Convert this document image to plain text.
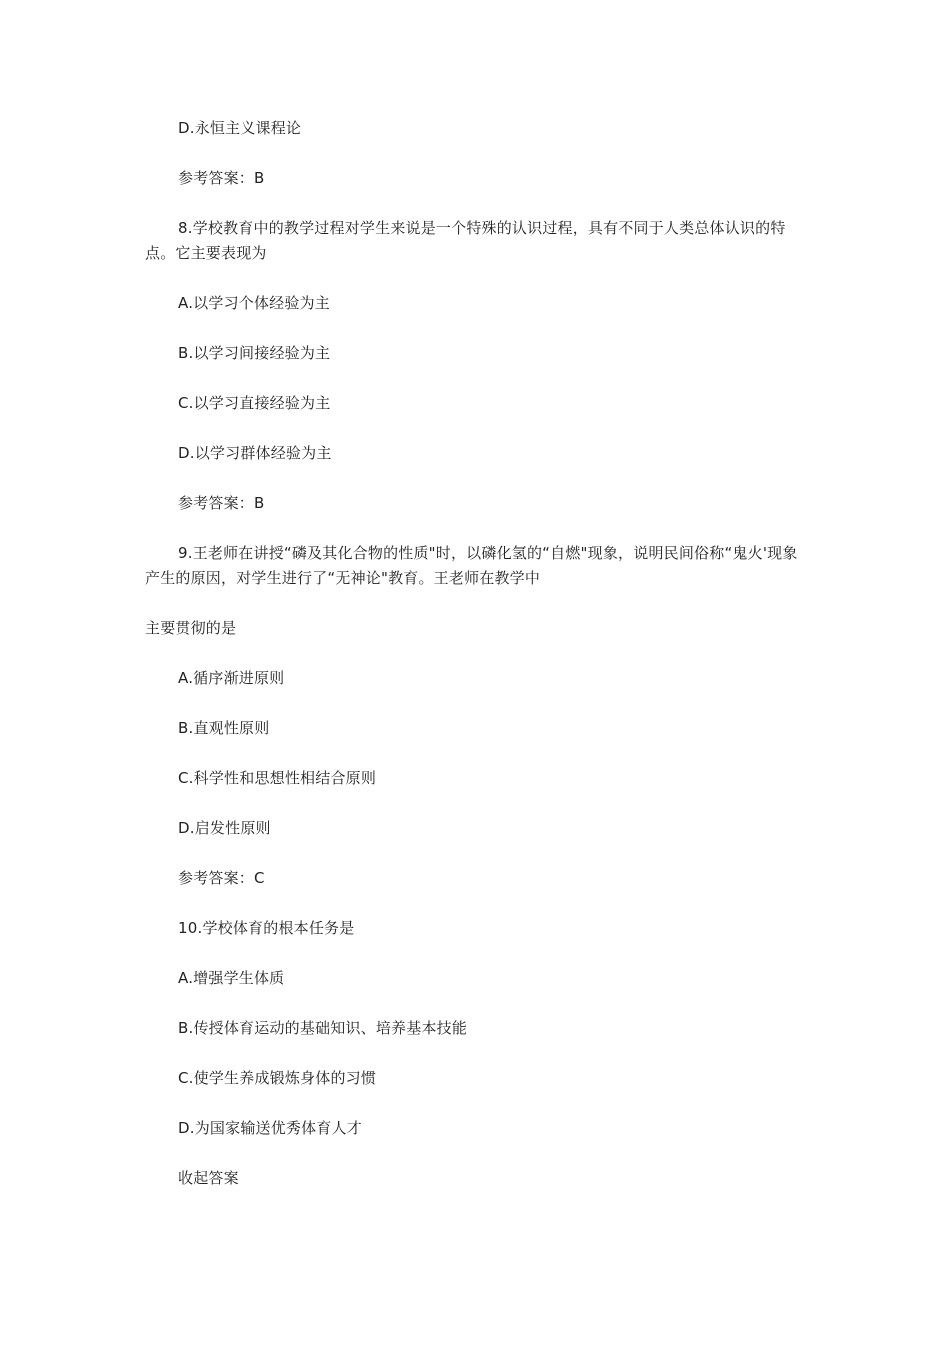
D.永恒主义课程论
参考答案：B
8.学校教育中的教学过程对学生来说是一个特殊的认识过程，具有不同于人类总体认识的特点。它主要表现为
A.以学习个体经验为主
B.以学习间接经验为主
C.以学习直接经验为主
D.以学习群体经验为主
参考答案：B
9.王老师在讲授“磷及其化合物的性质"时，以磷化氢的“自燃"现象，说明民间俗称“鬼火'现象产生的原因，对学生进行了“无神论"教育。王老师在教学中
主要贯彻的是
A.循序渐进原则
B.直观性原则
C.科学性和思想性相结合原则
D.启发性原则
参考答案：C
10.学校体育的根本任务是
A.增强学生体质
B.传授体育运动的基础知识、培养基本技能
C.使学生养成锻炼身体的习惯
D.为国家输送优秀体育人才
收起答案
